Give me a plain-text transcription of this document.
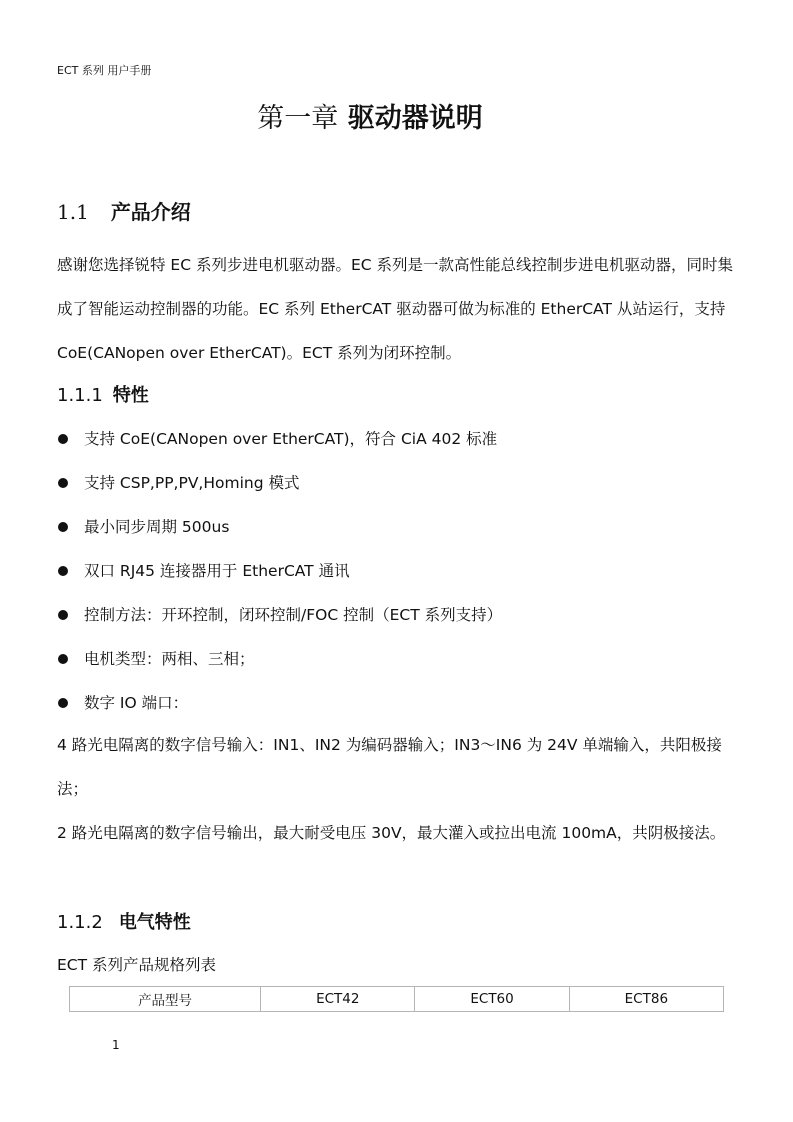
ECT 系列 用户手册
第一章 驱动器说明
1.1 产品介绍
感谢您选择锐特 EC 系列步进电机驱动器。EC 系列是一款高性能总线控制步进电机驱动器，同时集成了智能运动控制器的功能。EC 系列 EtherCAT 驱动器可做为标准的 EtherCAT 从站运行，支持 CoE(CANopen over EtherCAT)。ECT 系列为闭环控制。
1.1.1 特性
支持 CoE(CANopen over EtherCAT)，符合 CiA 402 标准
支持 CSP,PP,PV,Homing 模式
最小同步周期 500us
双口 RJ45 连接器用于 EtherCAT 通讯
控制方法：开环控制，闭环控制/FOC 控制（ECT 系列支持）
电机类型：两相、三相；
数字 IO 端口：
4 路光电隔离的数字信号输入：IN1、IN2 为编码器输入；IN3～IN6 为 24V 单端输入，共阳极接法；
2 路光电隔离的数字信号输出，最大耐受电压 30V，最大灌入或拉出电流 100mA，共阴极接法。
1.1.2 电气特性
ECT 系列产品规格列表
产品型号	ECT42	ECT60	ECT86
1
